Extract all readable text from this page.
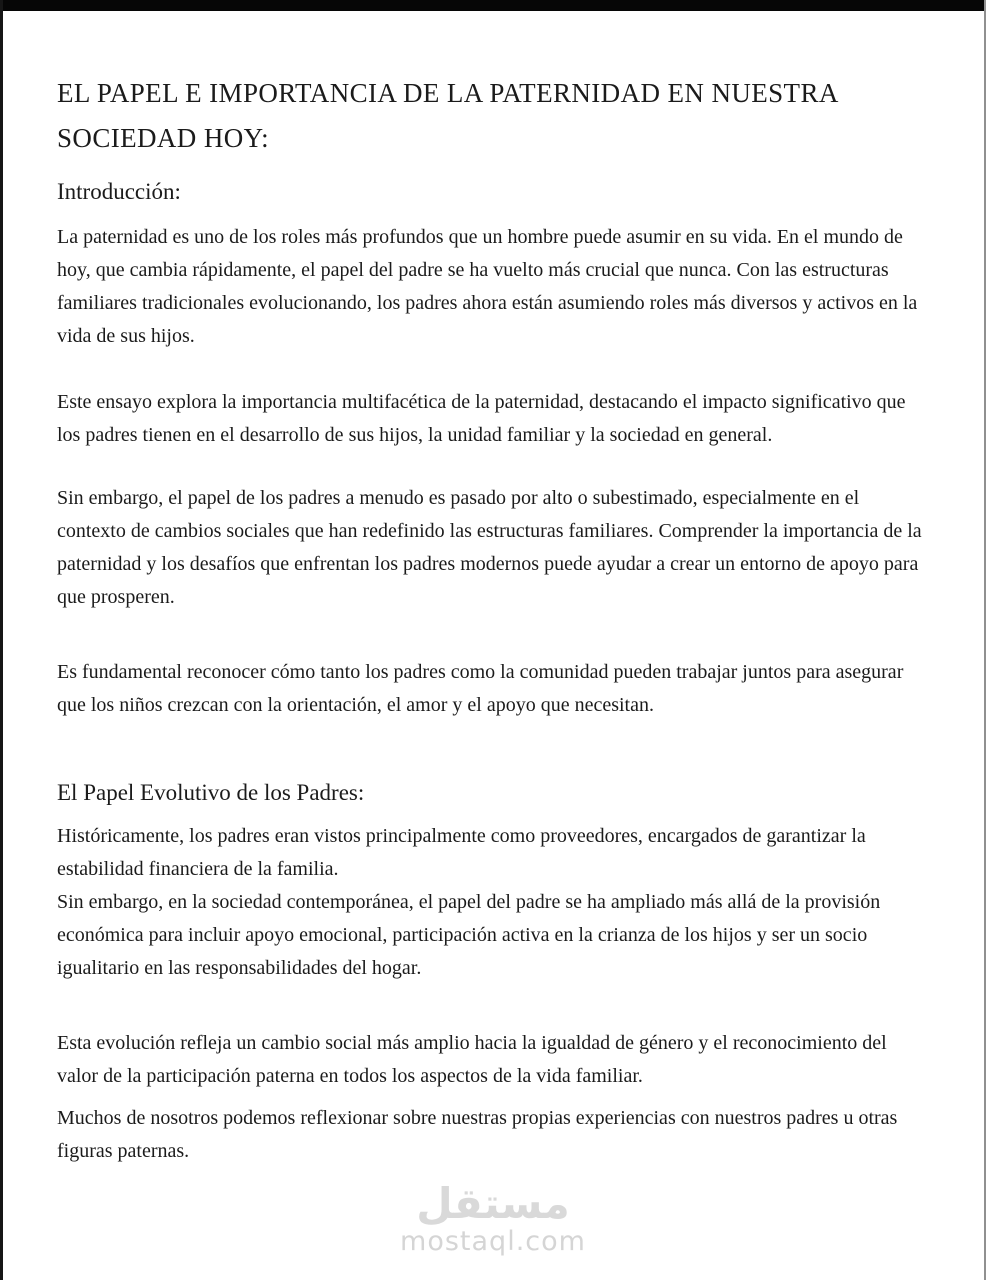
EL PAPEL E IMPORTANCIA DE LA PATERNIDAD EN NUESTRA SOCIEDAD HOY:
Introducción:

La paternidad es uno de los roles más profundos que un hombre puede asumir en su vida. En el mundo de hoy, que cambia rápidamente, el papel del padre se ha vuelto más crucial que nunca. Con las estructuras familiares tradicionales evolucionando, los padres ahora están asumiendo roles más diversos y activos en la vida de sus hijos.

Este ensayo explora la importancia multifacética de la paternidad, destacando el impacto significativo que los padres tienen en el desarrollo de sus hijos, la unidad familiar y la sociedad en general.

Sin embargo, el papel de los padres a menudo es pasado por alto o subestimado, especialmente en el contexto de cambios sociales que han redefinido las estructuras familiares. Comprender la importancia de la paternidad y los desafíos que enfrentan los padres modernos puede ayudar a crear un entorno de apoyo para que prosperen.

Es fundamental reconocer cómo tanto los padres como la comunidad pueden trabajar juntos para asegurar que los niños crezcan con la orientación, el amor y el apoyo que necesitan.

El Papel Evolutivo de los Padres:

Históricamente, los padres eran vistos principalmente como proveedores, encargados de garantizar la estabilidad financiera de la familia.

Sin embargo, en la sociedad contemporánea, el papel del padre se ha ampliado más allá de la provisión económica para incluir apoyo emocional, participación activa en la crianza de los hijos y ser un socio igualitario en las responsabilidades del hogar.

Esta evolución refleja un cambio social más amplio hacia la igualdad de género y el reconocimiento del valor de la participación paterna en todos los aspectos de la vida familiar.

Muchos de nosotros podemos reflexionar sobre nuestras propias experiencias con nuestros padres u otras figuras paternas.

مستقل
mostaql.com
